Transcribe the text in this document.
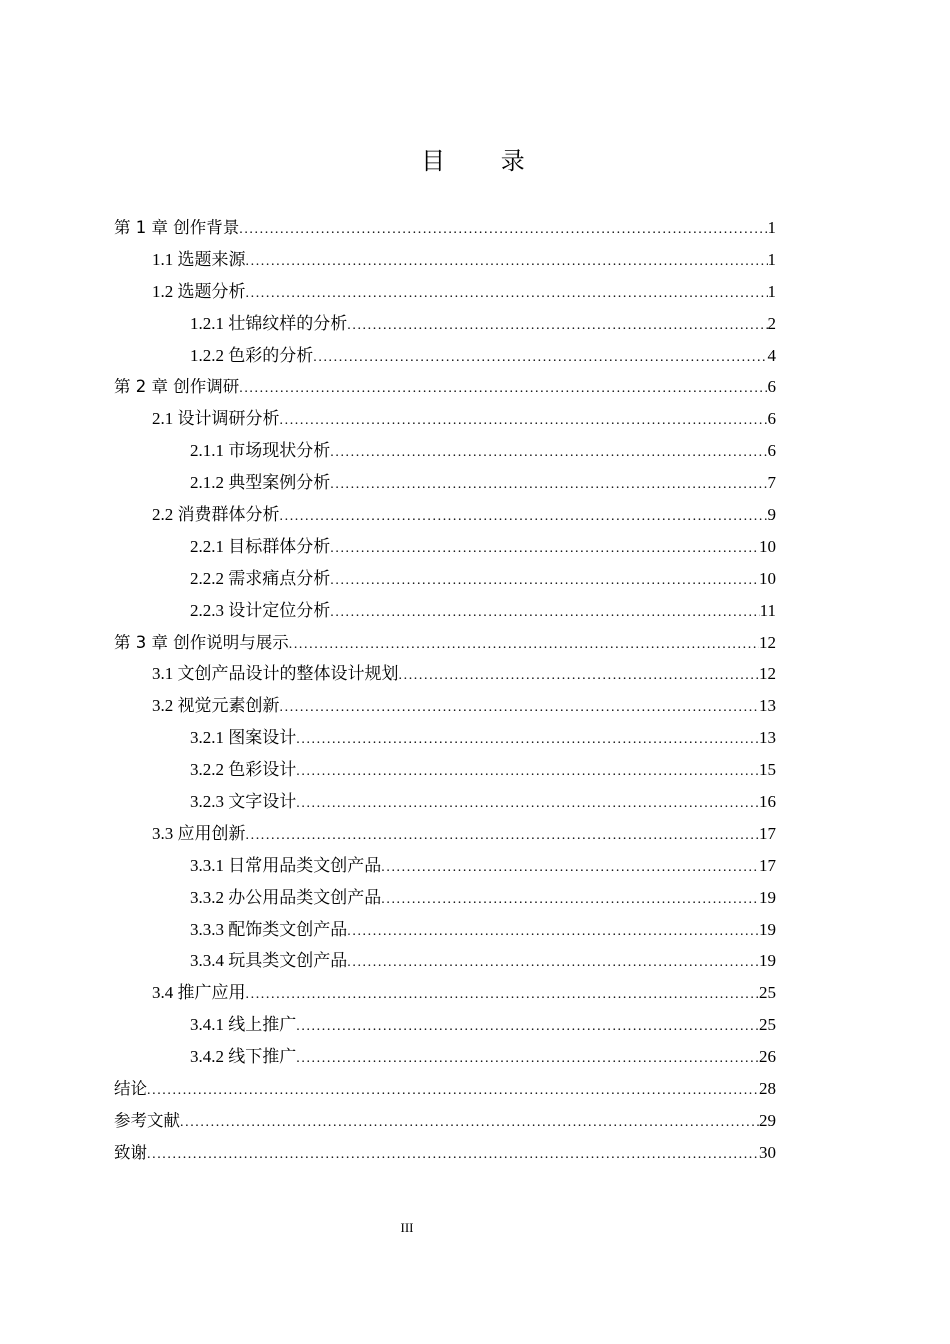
目 录
第 1 章 创作背景 .....	1
1.1 选题来源 .....	1
1.2 选题分析 .....	1
1.2.1 壮锦纹样的分析 .....	2
1.2.2 色彩的分析 .....	4
第 2 章 创作调研 .....	6
2.1 设计调研分析 .....	6
2.1.1 市场现状分析 .....	6
2.1.2 典型案例分析 .....	7
2.2 消费群体分析 .....	9
2.2.1 目标群体分析 .....	10
2.2.2 需求痛点分析 .....	10
2.2.3 设计定位分析 .....	11
第 3 章 创作说明与展示 .....	12
3.1 文创产品设计的整体设计规划 .....	12
3.2 视觉元素创新 .....	13
3.2.1 图案设计 .....	13
3.2.2 色彩设计 .....	15
3.2.3 文字设计 .....	16
3.3 应用创新 .....	17
3.3.1 日常用品类文创产品 .....	17
3.3.2 办公用品类文创产品 .....	19
3.3.3 配饰类文创产品 .....	19
3.3.4 玩具类文创产品 .....	19
3.4 推广应用 .....	25
3.4.1 线上推广 .....	25
3.4.2 线下推广 .....	26
结论 .....	28
参考文献 .....	29
致谢 .....	30
III
